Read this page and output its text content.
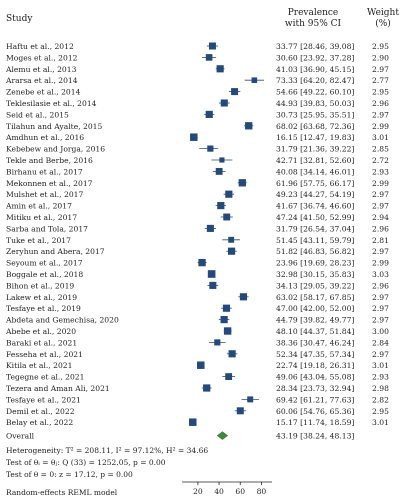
Study
Prevalence
with 95% CI
Weight
(%)
Haftu et al., 2012	33.77 [28.46, 39.08] 2.95
Moges et al., 2012	30.60 [23.92, 37.28] 2.90
Alemu et al., 2013	41.03 [36.90, 45.15] 2.97
Ararsa et al., 2014	73.33 [64.20, 82.47] 2.77
Zenebe et al., 2014	54.66 [49.22, 60.10] 2.95
Teklesilasie et al., 2014	44.93 [39.83, 50.03] 2.96
Seid et al., 2015	30.73 [25.95, 35.51] 2.97
Tilahun and Ayalte, 2015	68.02 [63.68, 72.36] 2.99
Amdhun et al., 2016	16.15 [12.47, 19.83] 3.01
Kebebew and Jorga, 2016	31.79 [21.36, 39.22] 2.85
Tekle and Berbe, 2016	42.71 [32.81, 52.60] 2.72
Birhanu et al., 2017	40.08 [34.14, 46.01] 2.93
Mekonnen et al., 2017	61.96 [57.75, 66.17] 2.99
Mulshet et al., 2017	49.23 [44.27, 54.19] 2.97
Amin et al., 2017	41.67 [36.74, 46.60] 2.97
Mitiku et al., 2017	47.24 [41.50, 52.99] 2.94
Sarba and Tola, 2017	31.79 [26.54, 37.04] 2.96
Tuke et al., 2017	51.45 [43.11, 59.79] 2.81
Zeryhun and Abera, 2017	51.82 [46.83, 56.82] 2.97
Seyoum et al., 2017	23.96 [19.69, 28.23] 2.99
Boggale et al., 2018	32.98 [30.15, 35.83] 3.03
Bihon et al., 2019	34.13 [29.05, 39.22] 2.96
Lakew et al., 2019	63.02 [58.17, 67.85] 2.97
Tesfaye et al., 2019	47.00 [42.00, 52.00] 2.97
Abdeta and Gemechisa, 2020	44.79 [39.82, 49.77] 2.97
Abebe et al., 2020	48.10 [44.37, 51.84] 3.00
Baraki et al., 2021	38.36 [30.47, 46.24] 2.84
Fesseha et al., 2021	52.34 [47.35, 57.34] 2.97
Kitila et al., 2021	22.74 [19.18, 26.31] 3.01
Tegegne et al., 2021	49.06 [43.04, 55.08] 2.93
Tezera and Aman Ali, 2021	28.34 [23.73, 32.94] 2.98
Tesfaye et al., 2021	69.42 [61.21, 77.63] 2.82
Demil et al., 2022	60.06 [54.76, 65.36] 2.95
Belay et al., 2022	15.17 [11.74, 18.59] 3.01
Overall	43.19 [38.24, 48.13]
Heterogeneity: T² = 208.11, I² = 97.12%, H² = 34.66
Test of θᵢ = θⱼ: Q (33) = 1252.05, p = 0.00
Test of θ = 0: z = 17.12, p = 0.00
20 40 60 80
Random-effects REML model
